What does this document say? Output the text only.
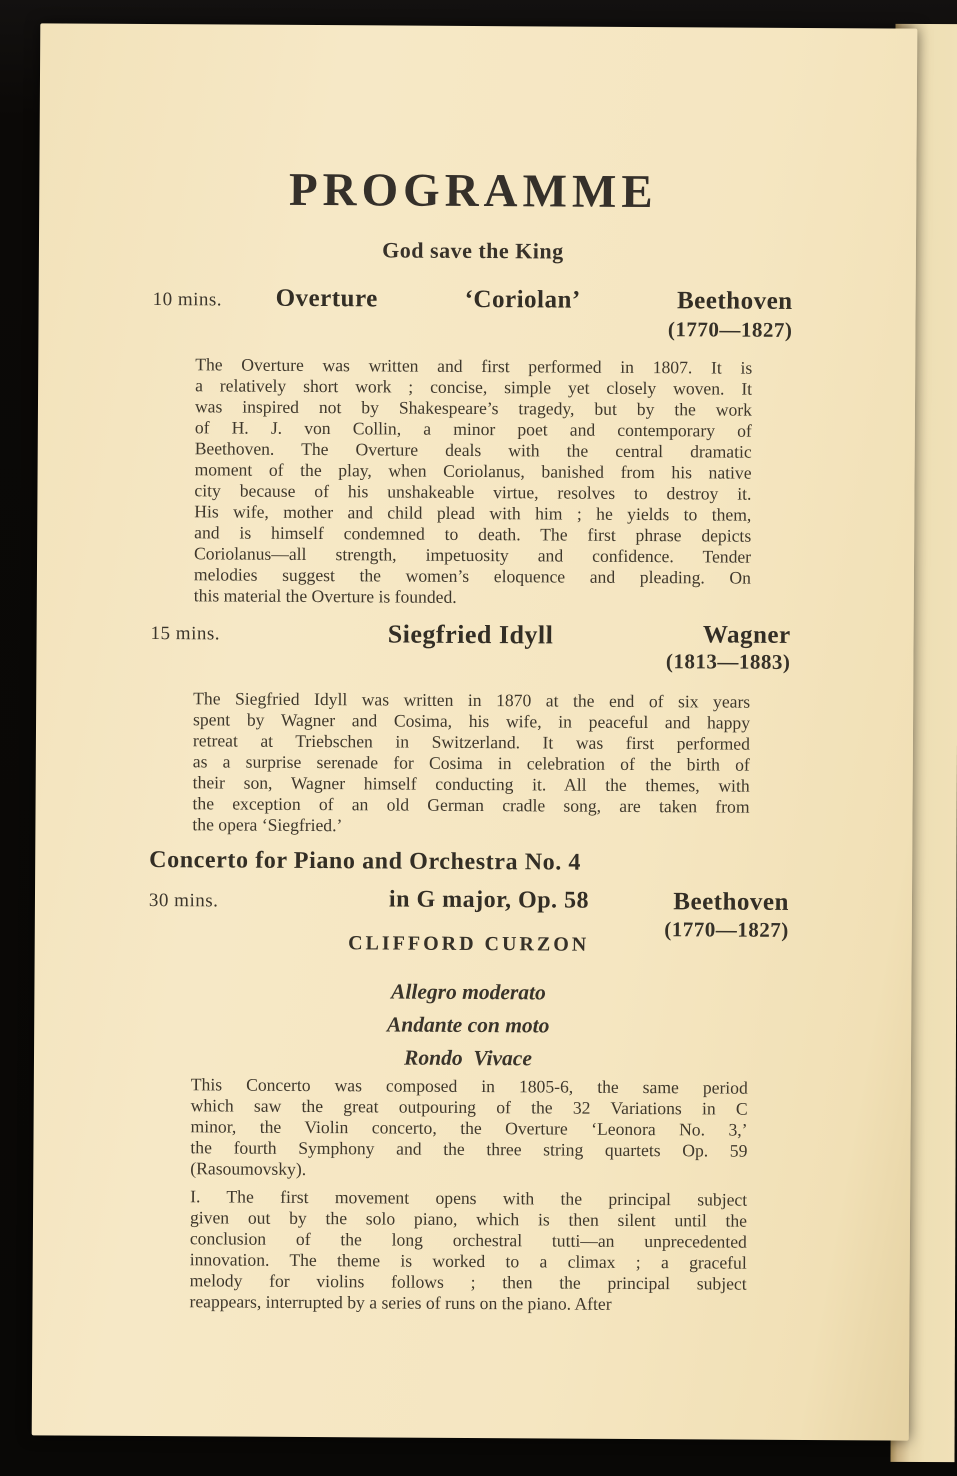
PROGRAMME
God save the King
10 mins. Overture	‘Coriolan’	Beethoven
(1770—1827)
The Overture was written and first performed in 1807. It is
a relatively short work ; concise, simple yet closely woven. It
was inspired not by Shakespeare’s tragedy, but by the work
of H. J. von Collin, a minor poet and contemporary of
Beethoven. The Overture deals with the central dramatic
moment of the play, when Coriolanus, banished from his native
city because of his unshakeable virtue, resolves to destroy it.
His wife, mother and child plead with him ; he yields to them,
and is himself condemned to death. The first phrase depicts
Coriolanus—all strength, impetuosity and confidence. Tender
melodies suggest the women’s eloquence and pleading. On
this material the Overture is founded.
15 mins.	Siegfried Idyll	Wagner
(1813—1883)
The Siegfried Idyll was written in 1870 at the end of six years
spent by Wagner and Cosima, his wife, in peaceful and happy
retreat at Triebschen in Switzerland. It was first performed
as a surprise serenade for Cosima in celebration of the birth of
their son, Wagner himself conducting it. All the themes, with
the exception of an old German cradle song, are taken from
the opera ‘Siegfried.’
Concerto for Piano and Orchestra No. 4
30 mins.	in G major, Op. 58	Beethoven
(1770—1827)
CLIFFORD CURZON
Allegro moderato
Andante con moto
Rondo  Vivace
This Concerto was composed in 1805-6, the same period
which saw the great outpouring of the 32 Variations in C
minor, the Violin concerto, the Overture ‘Leonora No. 3,’
the fourth Symphony and the three string quartets Op. 59
(Rasoumovsky).
I. The first movement opens with the principal subject
given out by the solo piano, which is then silent until the
conclusion of the long orchestral tutti—an unprecedented
innovation. The theme is worked to a climax ; a graceful
melody for violins follows ; then the principal subject
reappears, interrupted by a series of runs on the piano. After
